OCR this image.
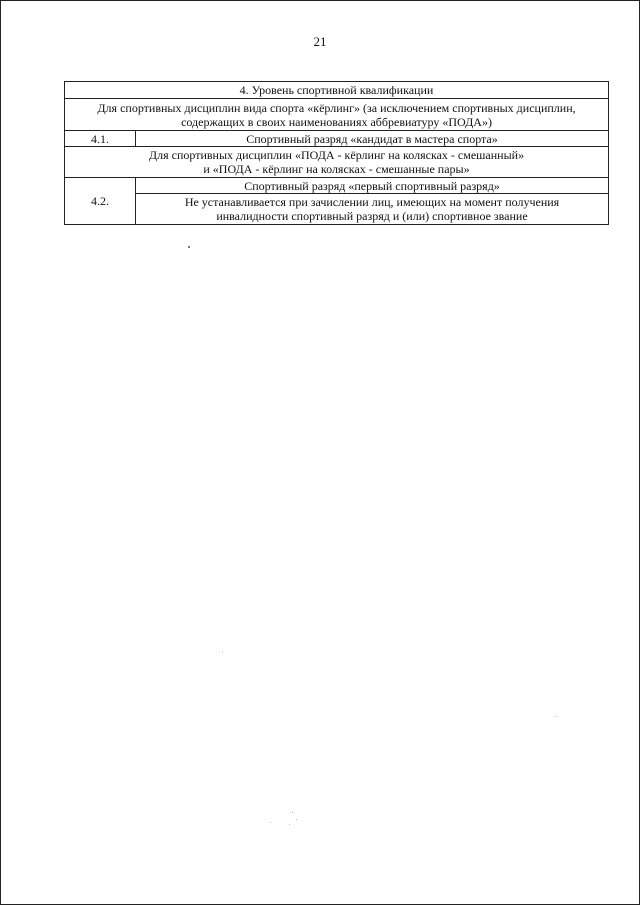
21
4. Уровень спортивной квалификации	

Для спортивных дисциплин вида спорта «кёрлинг» (за исключением спортивных дисциплин,
содержащих в своих наименованиях аббревиатуру «ПОДА»)	

4.1.	Спортивный разряд «кандидат в мастера спорта»

Для спортивных дисциплин «ПОДА - кёрлинг на колясках - смешанный»
и «ПОДА - кёрлинг на колясках - смешанные пары»	

4.2.	Спортивный разряд «первый спортивный разряд»

	Не устанавливается при зачислении лиц, имеющих на момент получения
инвалидности спортивный разряд и (или) спортивное звание
